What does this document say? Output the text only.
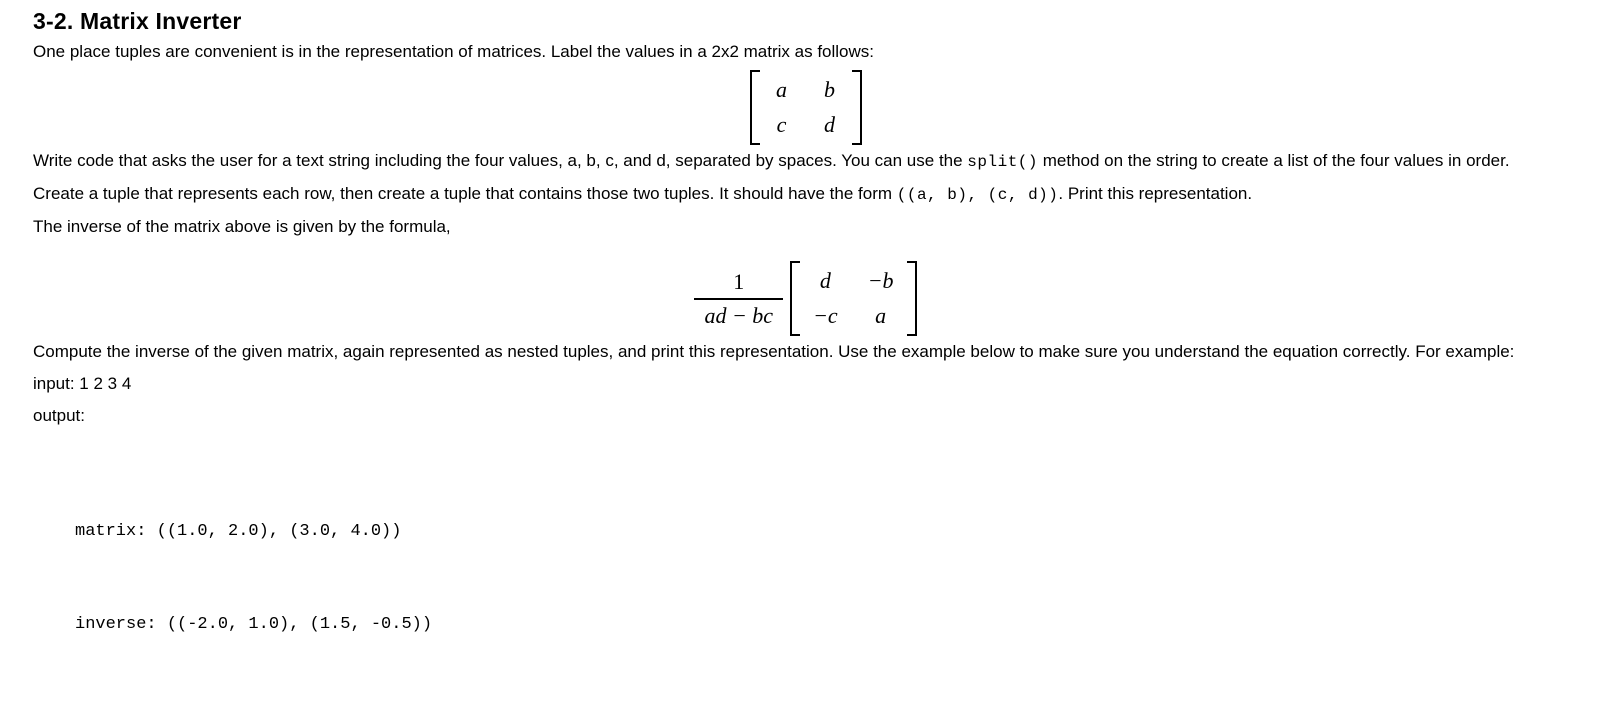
3-2. Matrix Inverter

One place tuples are convenient is in the representation of matrices. Label the values in a 2x2 matrix as follows:

a b
c d

Write code that asks the user for a text string including the four values, a, b, c, and d, separated by spaces. You can use the split() method on the string to create a list of the four values in order.

Create a tuple that represents each row, then create a tuple that contains those two tuples. It should have the form ((a, b), (c, d)). Print this representation.

The inverse of the matrix above is given by the formula,

$\frac{1}{ad - bc}$	d	−b
−c	a

Compute the inverse of the given matrix, again represented as nested tuples, and print this representation. Use the example below to make sure you understand the equation correctly. For example:

input: 1 2 3 4

output:

matrix: ((1.0, 2.0), (3.0, 4.0))

inverse: ((-2.0, 1.0), (1.5, -0.5))
